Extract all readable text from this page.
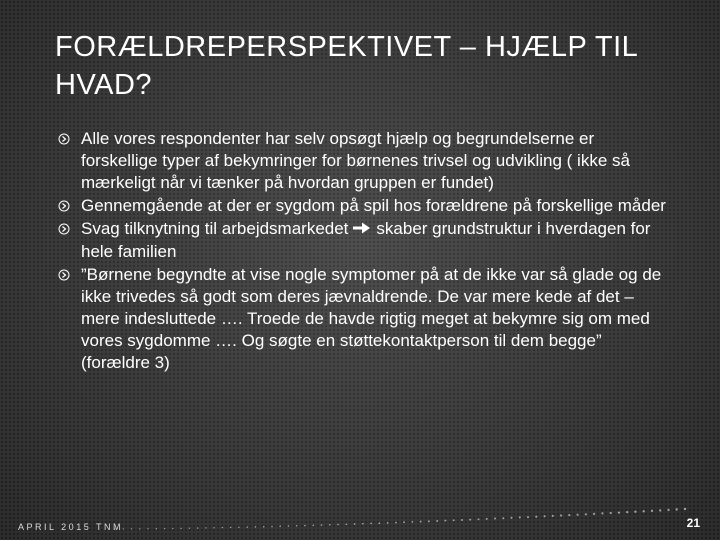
FORÆLDREPERSPEKTIVET – HJÆLP TIL HVAD?
Alle vores respondenter har selv opsøgt hjælp og begrundelserne er forskellige typer af bekymringer for børnenes trivsel og udvikling ( ikke så mærkeligt når vi tænker på hvordan gruppen er fundet)
Gennemgående at der er sygdom på spil hos forældrene på forskellige måder
Svag tilknytning til arbejdsmarkedet skaber grundstruktur i hverdagen for hele familien
”Børnene begyndte at vise nogle symptomer på at de ikke var så glade og de ikke trivedes så godt som deres jævnaldrende. De var mere kede af det – mere indesluttede …. Troede de havde rigtig meget at bekymre sig om med vores sygdomme …. Og søgte en støttekontaktperson til dem begge” (forældre 3)
APRIL 2015 TNM	21
